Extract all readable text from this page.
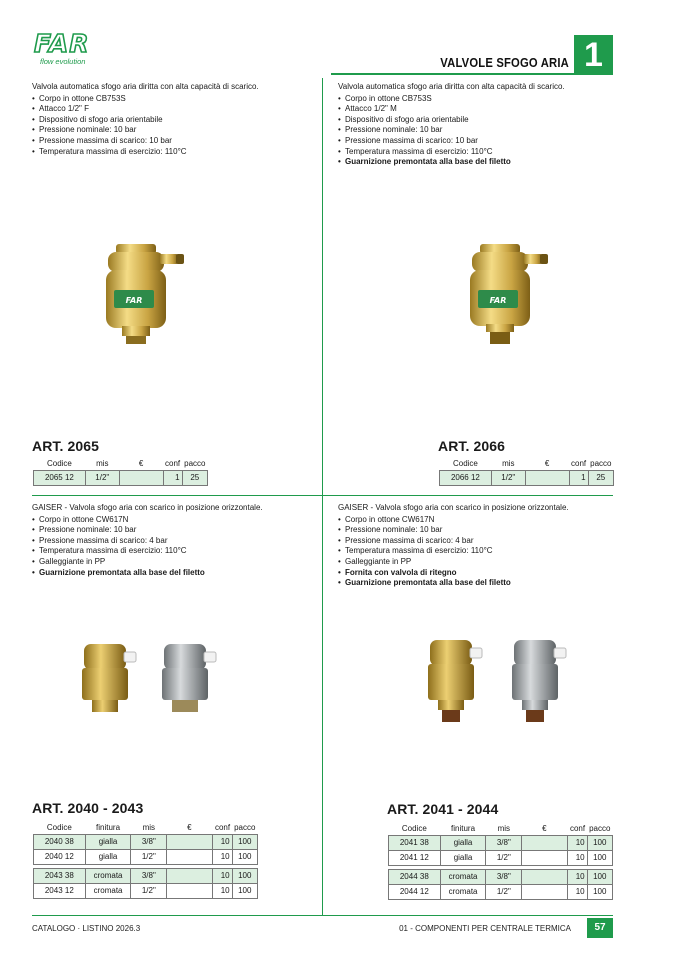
FAR
flow evolution	VALVOLE SFOGO ARIA 1
Valvola automatica sfogo aria diritta con alta capacità di scarico.
• Corpo in ottone CB753S
• Attacco 1/2" F
• Dispositivo di sfogo aria orientabile
• Pressione nominale: 10 bar
• Pressione massima di scarico: 10 bar
• Temperatura massima di esercizio: 110°C
FAR
ART. 2065
Codice	mis	€	conf	pacco
2065 12	1/2"		1	25
Valvola automatica sfogo aria diritta con alta capacità di scarico.
• Corpo in ottone CB753S
• Attacco 1/2" M
• Dispositivo di sfogo aria orientabile
• Pressione nominale: 10 bar
• Pressione massima di scarico: 10 bar
• Temperatura massima di esercizio: 110°C
• Guarnizione premontata alla base del filetto
FAR
ART. 2066
Codice	mis	€	conf	pacco
2066 12	1/2"		1	25
GAISER - Valvola sfogo aria con scarico in posizione orizzontale.
• Corpo in ottone CW617N
• Pressione nominale: 10 bar
• Pressione massima di scarico: 4 bar
• Temperatura massima di esercizio: 110°C
• Galleggiante in PP
• Guarnizione premontata alla base del filetto
ART. 2040 - 2043
Codice	finitura	mis	€	conf	pacco
2040 38	gialla	3/8"		10	100
2040 12	gialla	1/2"		10	100

2043 38	cromata	3/8"		10	100
2043 12	cromata	1/2"		10	100
GAISER - Valvola sfogo aria con scarico in posizione orizzontale.
• Corpo in ottone CW617N
• Pressione nominale: 10 bar
• Pressione massima di scarico: 4 bar
• Temperatura massima di esercizio: 110°C
• Galleggiante in PP
• Fornita con valvola di ritegno
• Guarnizione premontata alla base del filetto
ART. 2041 - 2044
Codice	finitura	mis	€	conf	pacco
2041 38	gialla	3/8"		10	100
2041 12	gialla	1/2"		10	100

2044 38	cromata	3/8"		10	100
2044 12	cromata	1/2"		10	100
CATALOGO · LISTINO 2026.3	01 - COMPONENTI PER CENTRALE TERMICA	57
